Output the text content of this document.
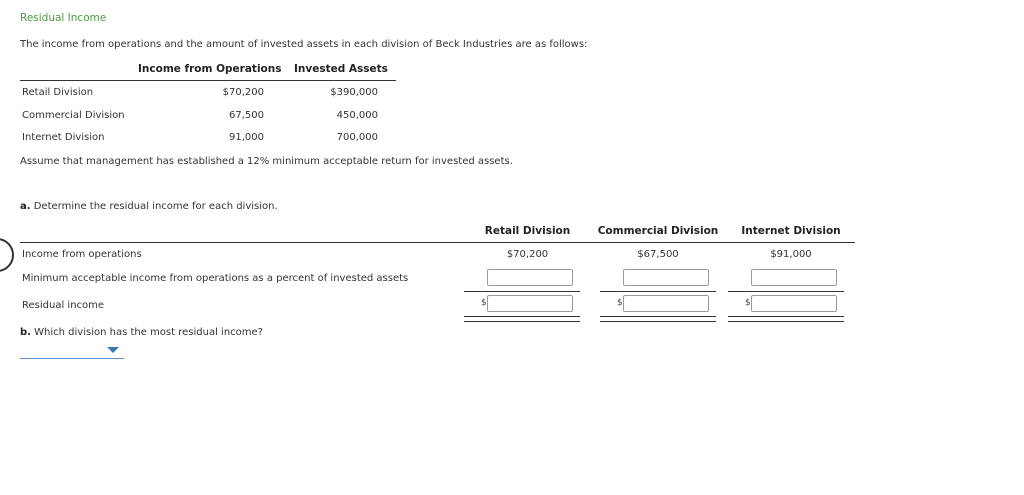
Residual Income
The income from operations and the amount of invested assets in each division of Beck Industries are as follows:
Income from Operations Invested Assets
Retail Division	$70,200	$390,000
Commercial Division	67,500	450,000
Internet Division	91,000	700,000
Assume that management has established a 12% minimum acceptable return for invested assets.
a. Determine the residual income for each division.
Retail Division	Commercial Division	Internet Division
Income from operations	$70,200	$67,500	$91,000
Minimum acceptable income from operations as a percent of invested assets
Residual income	$	$	$
b. Which division has the most residual income?
